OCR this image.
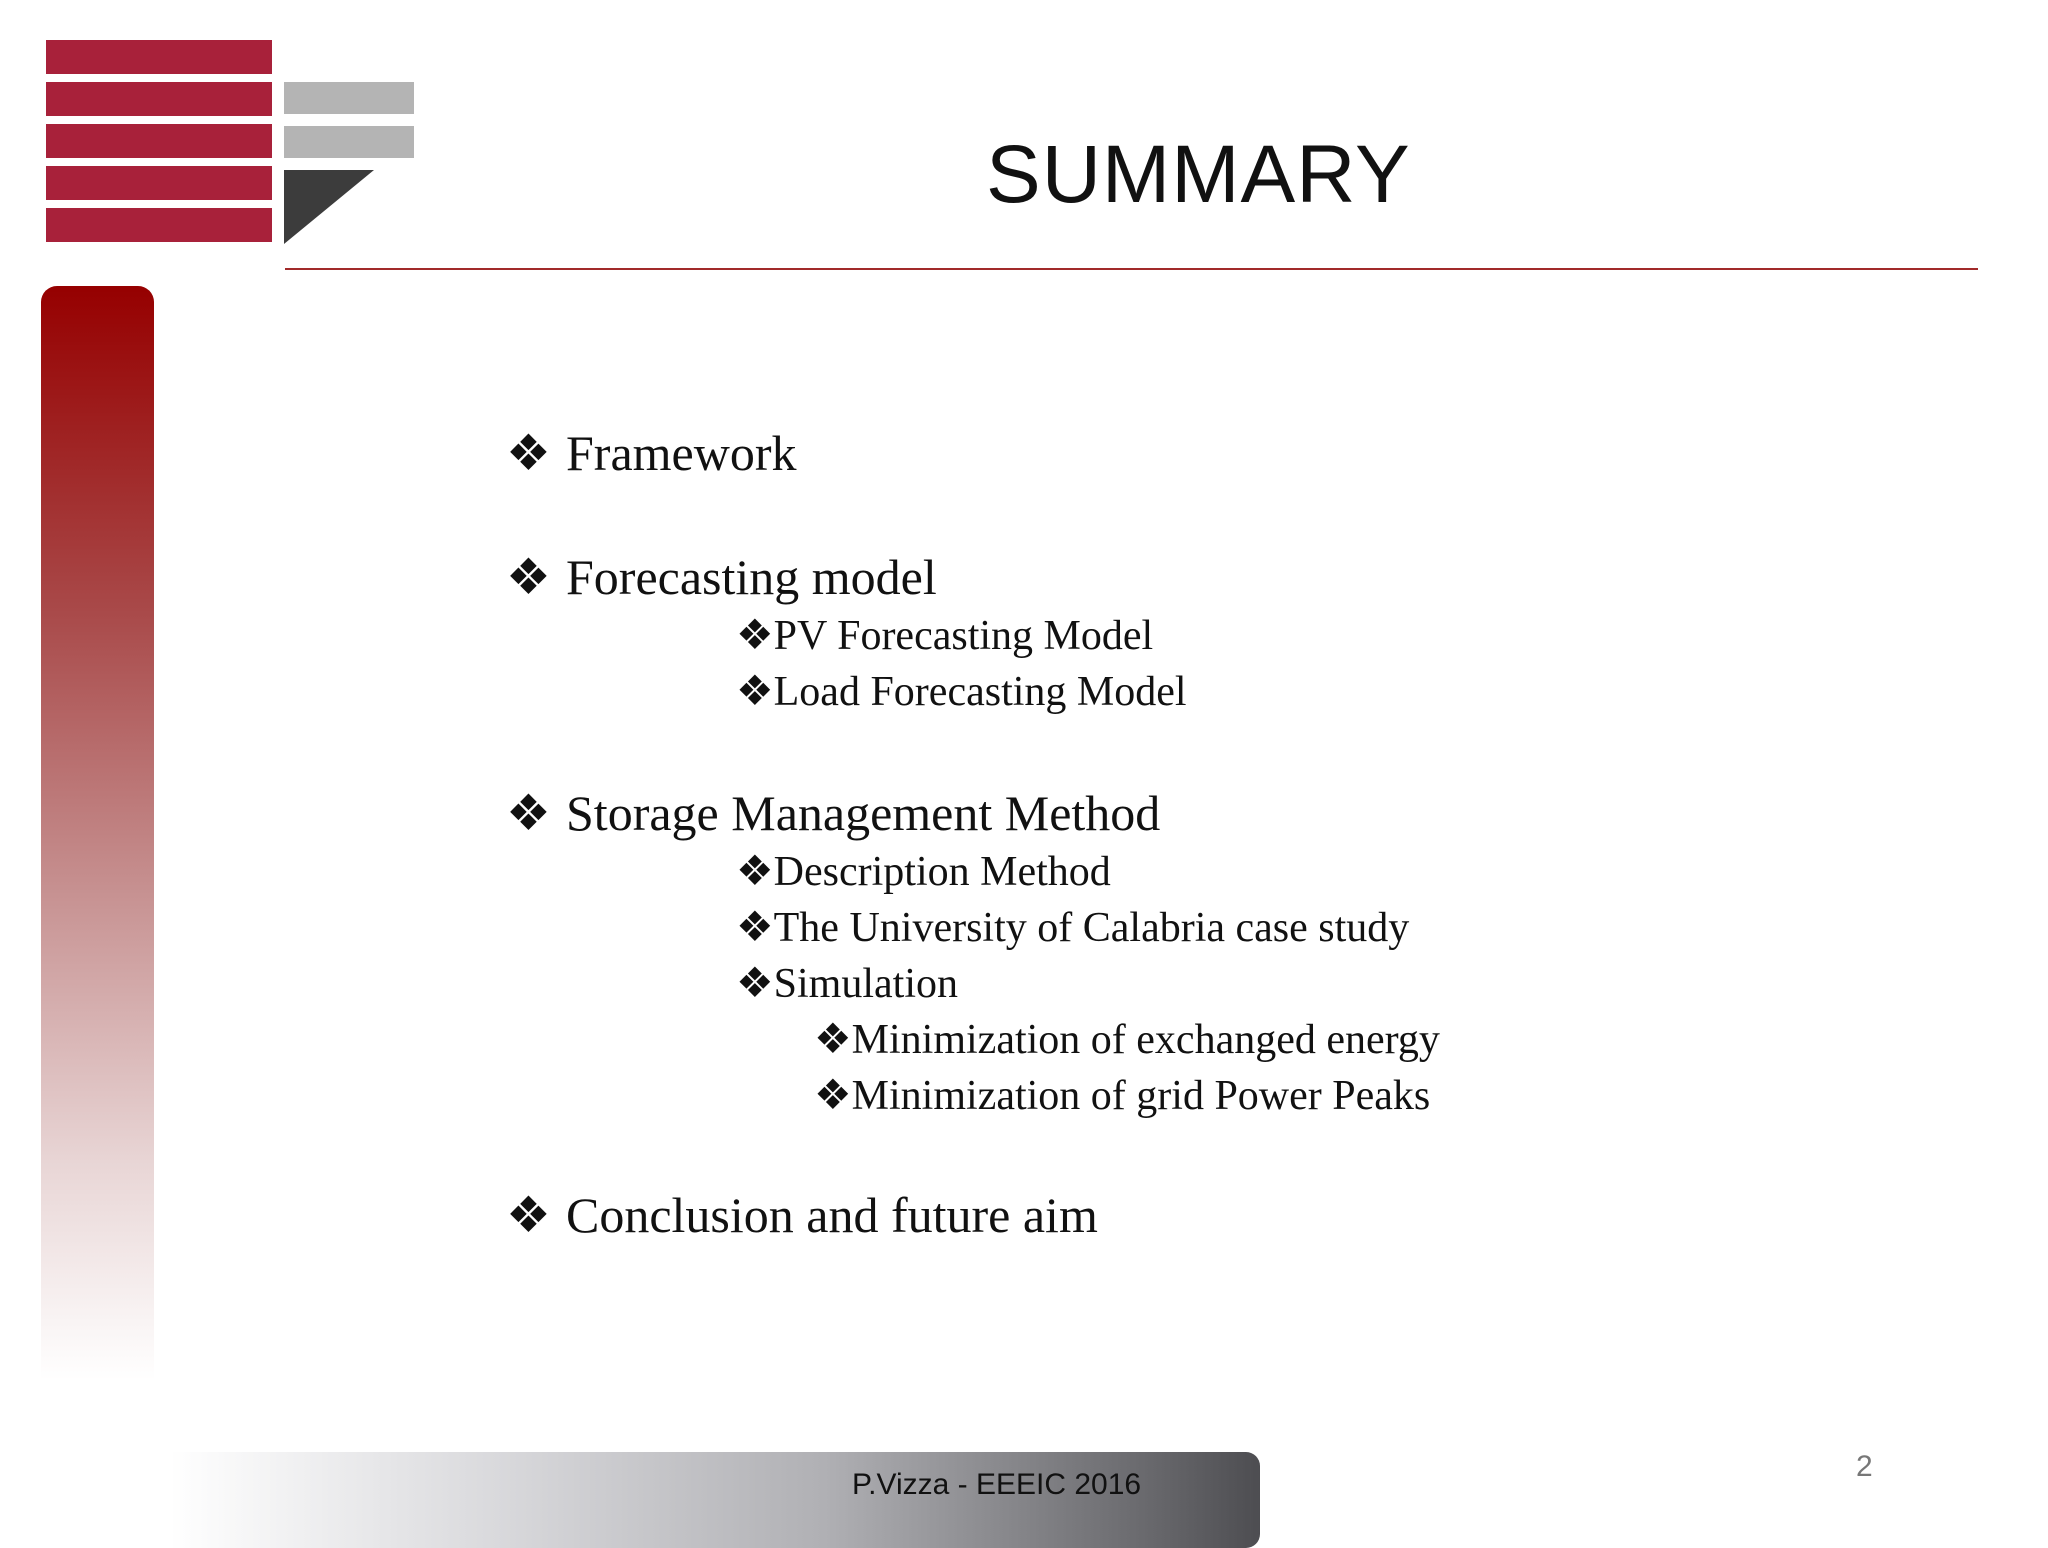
SUMMARY
❖ Framework
❖ Forecasting model
❖PV Forecasting Model
❖Load Forecasting Model
❖ Storage Management Method
❖Description Method
❖The University of Calabria case study
❖Simulation
❖Minimization of exchanged energy
❖Minimization of grid Power Peaks
❖ Conclusion and future aim
P.Vizza - EEEIC 2016
2
